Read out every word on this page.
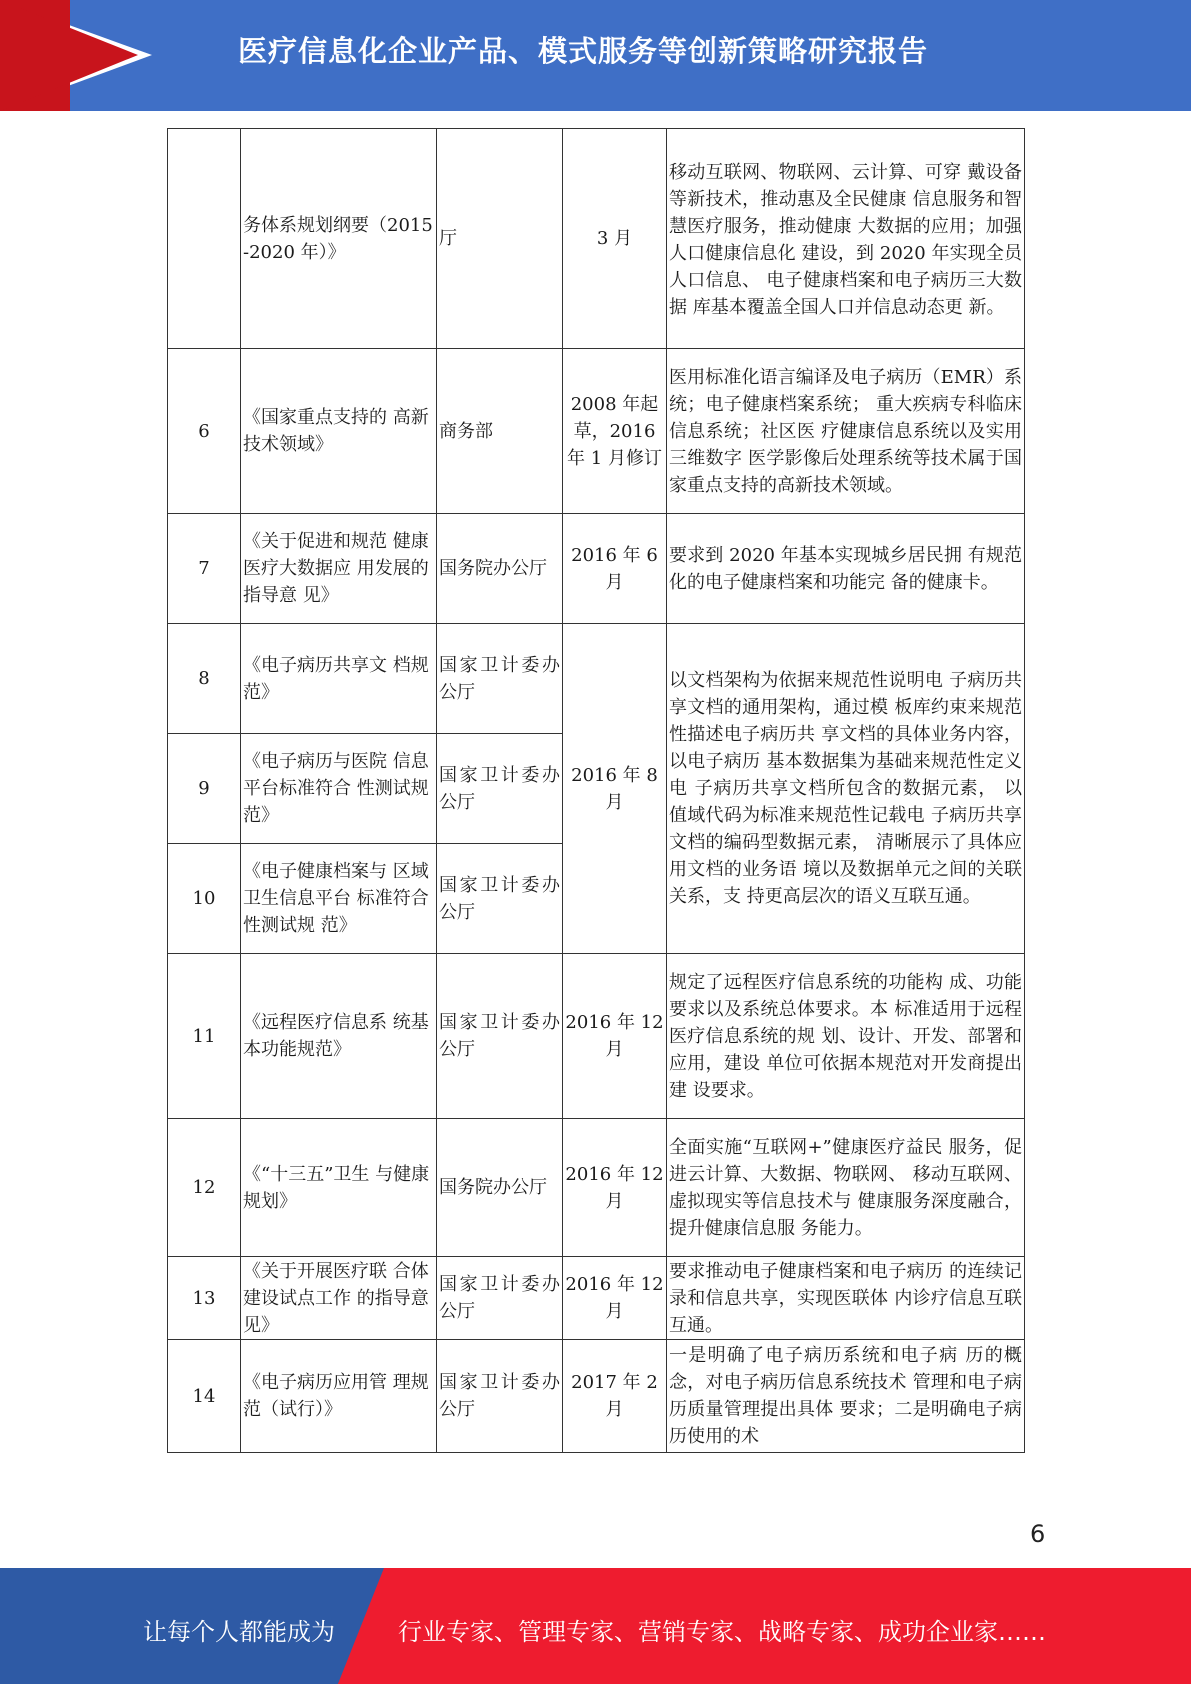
医疗信息化企业产品、模式服务等创新策略研究报告
	务体系规划纲要（2015-2020 年）》	厅	3 月	移动互联网、物联网、云计算、可穿 戴设备等新技术，推动惠及全民健康 信息服务和智慧医疗服务，推动健康 大数据的应用；加强人口健康信息化 建设，到 2020 年实现全员人口信息、 电子健康档案和电子病历三大数据 库基本覆盖全国人口并信息动态更 新。
6	《国家重点支持的 高新技术领域》	商务部	2008 年起草，2016 年 1 月修订	医用标准化语言编译及电子病历（EMR）系统；电子健康档案系统； 重大疾病专科临床信息系统；社区医 疗健康信息系统以及实用三维数字 医学影像后处理系统等技术属于国 家重点支持的高新技术领域。
7	《关于促进和规范 健康医疗大数据应 用发展的指导意 见》	国务院办公厅	2016 年 6 月	要求到 2020 年基本实现城乡居民拥 有规范化的电子健康档案和功能完 备的健康卡。
8	《电子病历共享文 档规范》	国家卫计委办公厅	2016 年 8 月	以文档架构为依据来规范性说明电 子病历共享文档的通用架构，通过模 板库约束来规范性描述电子病历共 享文档的具体业务内容，以电子病历 基本数据集为基础来规范性定义电 子病历共享文档所包含的数据元素， 以值域代码为标准来规范性记载电 子病历共享文档的编码型数据元素， 清晰展示了具体应用文档的业务语 境以及数据单元之间的关联关系，支 持更高层次的语义互联互通。
9	《电子病历与医院 信息平台标准符合 性测试规范》	国家卫计委办公厅		
10	《电子健康档案与 区域卫生信息平台 标准符合性测试规 范》	国家卫计委办公厅		
11	《远程医疗信息系 统基本功能规范》	国家卫计委办公厅	2016 年 12 月	规定了远程医疗信息系统的功能构 成、功能要求以及系统总体要求。本 标准适用于远程医疗信息系统的规 划、设计、开发、部署和应用，建设 单位可依据本规范对开发商提出建 设要求。
12	《“十三五”卫生 与健康规划》	国务院办公厅	2016 年 12 月	全面实施“互联网+”健康医疗益民 服务，促进云计算、大数据、物联网、 移动互联网、虚拟现实等信息技术与 健康服务深度融合，提升健康信息服 务能力。
13	《关于开展医疗联 合体建设试点工作 的指导意见》	国家卫计委办公厅	2016 年 12 月	要求推动电子健康档案和电子病历 的连续记录和信息共享，实现医联体 内诊疗信息互联互通。
14	《电子病历应用管 理规范（试行）》	国家卫计委办公厅	2017 年 2 月	一是明确了电子病历系统和电子病 历的概念，对电子病历信息系统技术 管理和电子病历质量管理提出具体 要求；二是明确电子病历使用的术
6
让每个人都能成为	行业专家、管理专家、营销专家、战略专家、成功企业家……
